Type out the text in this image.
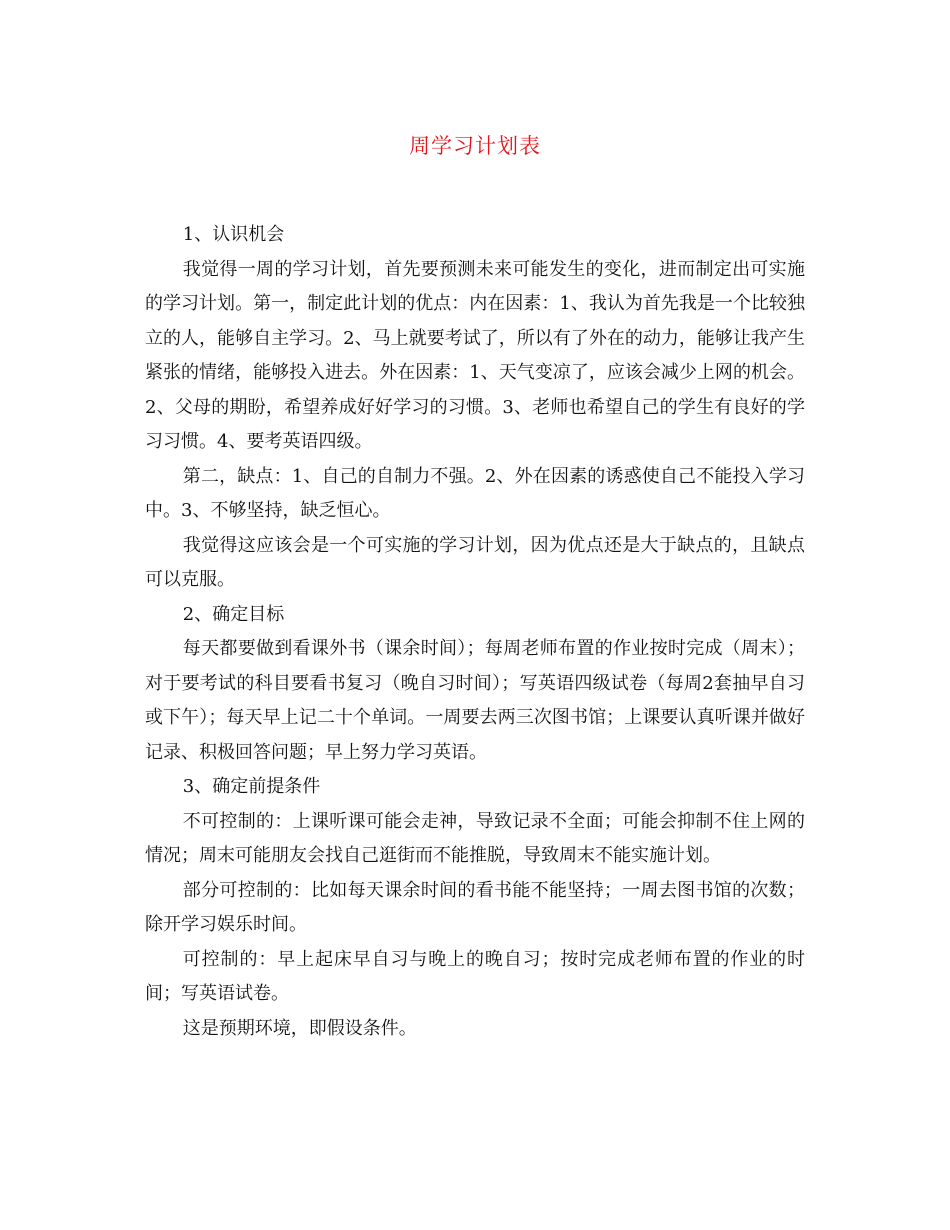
周学习计划表

1、认识机会

我觉得一周的学习计划，首先要预测未来可能发生的变化，进而制定出可实施的学习计划。第一，制定此计划的优点：内在因素：1、我认为首先我是一个比较独立的人，能够自主学习。2、马上就要考试了，所以有了外在的动力，能够让我产生紧张的情绪，能够投入进去。外在因素：1、天气变凉了，应该会减少上网的机会。2、父母的期盼，希望养成好好学习的习惯。3、老师也希望自己的学生有良好的学习习惯。4、要考英语四级。

第二，缺点：1、自己的自制力不强。2、外在因素的诱惑使自己不能投入学习中。3、不够坚持，缺乏恒心。

我觉得这应该会是一个可实施的学习计划，因为优点还是大于缺点的，且缺点可以克服。

2、确定目标

每天都要做到看课外书（课余时间）；每周老师布置的作业按时完成（周末）；对于要考试的科目要看书复习（晚自习时间）；写英语四级试卷（每周2套抽早自习或下午）；每天早上记二十个单词。一周要去两三次图书馆；上课要认真听课并做好记录、积极回答问题；早上努力学习英语。

3、确定前提条件

不可控制的：上课听课可能会走神，导致记录不全面；可能会抑制不住上网的情况；周末可能朋友会找自己逛街而不能推脱，导致周末不能实施计划。

部分可控制的：比如每天课余时间的看书能不能坚持；一周去图书馆的次数；除开学习娱乐时间。

可控制的：早上起床早自习与晚上的晚自习；按时完成老师布置的作业的时间；写英语试卷。

这是预期环境，即假设条件。
